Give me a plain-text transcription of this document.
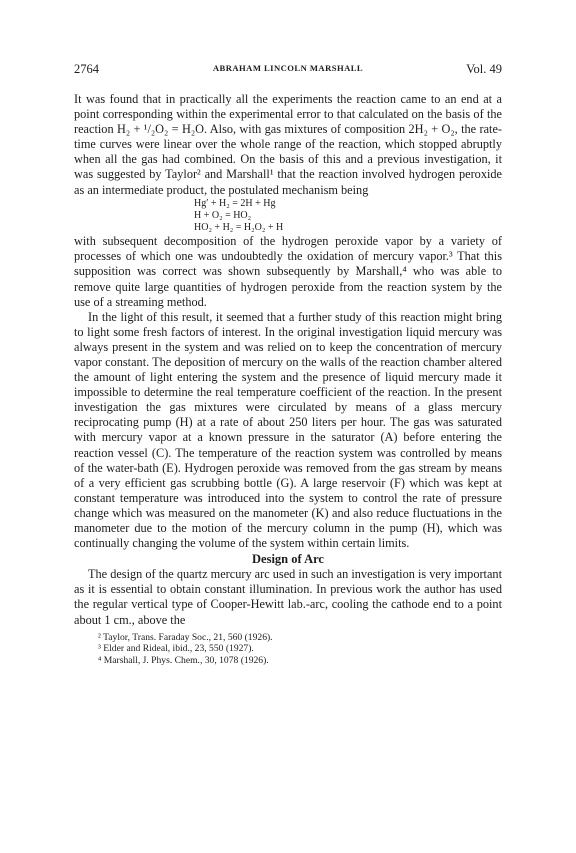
2764	ABRAHAM LINCOLN MARSHALL	Vol. 49

It was found that in practically all the experiments the reaction came to an end at a point corresponding within the experimental error to that calculated on the basis of the reaction H₂ + ¹/₂O₂ = H₂O. Also, with gas mixtures of composition 2H₂ + O₂, the rate-time curves were linear over the whole range of the reaction, which stopped abruptly when all the gas had combined. On the basis of this and a previous investigation, it was suggested by Taylor² and Marshall¹ that the reaction involved hydrogen peroxide as an intermediate product, the postulated mechanism being

Hg′ + H₂ = 2H + Hg
H + O₂ = HO₂
HO₂ + H₂ = H₂O₂ + H

with subsequent decomposition of the hydrogen peroxide vapor by a variety of processes of which one was undoubtedly the oxidation of mercury vapor.³ That this supposition was correct was shown subsequently by Marshall,⁴ who was able to remove quite large quantities of hydrogen peroxide from the reaction system by the use of a streaming method.

In the light of this result, it seemed that a further study of this reaction might bring to light some fresh factors of interest. In the original investigation liquid mercury was always present in the system and was relied on to keep the concentration of mercury vapor constant. The deposition of mercury on the walls of the reaction chamber altered the amount of light entering the system and the presence of liquid mercury made it impossible to determine the real temperature coefficient of the reaction. In the present investigation the gas mixtures were circulated by means of a glass mercury reciprocating pump (H) at a rate of about 250 liters per hour. The gas was saturated with mercury vapor at a known pressure in the saturator (A) before entering the reaction vessel (C). The temperature of the reaction system was controlled by means of the water-bath (E). Hydrogen peroxide was removed from the gas stream by means of a very efficient gas scrubbing bottle (G). A large reservoir (F) which was kept at constant temperature was introduced into the system to control the rate of pressure change which was measured on the manometer (K) and also reduce fluctuations in the manometer due to the motion of the mercury column in the pump (H), which was continually changing the volume of the system within certain limits.

Design of Arc

The design of the quartz mercury arc used in such an investigation is very important as it is essential to obtain constant illumination. In previous work the author has used the regular vertical type of Cooper-Hewitt lab.-arc, cooling the cathode end to a point about 1 cm., above the

² Taylor, Trans. Faraday Soc., 21, 560 (1926).
³ Elder and Rideal, ibid., 23, 550 (1927).
⁴ Marshall, J. Phys. Chem., 30, 1078 (1926).
